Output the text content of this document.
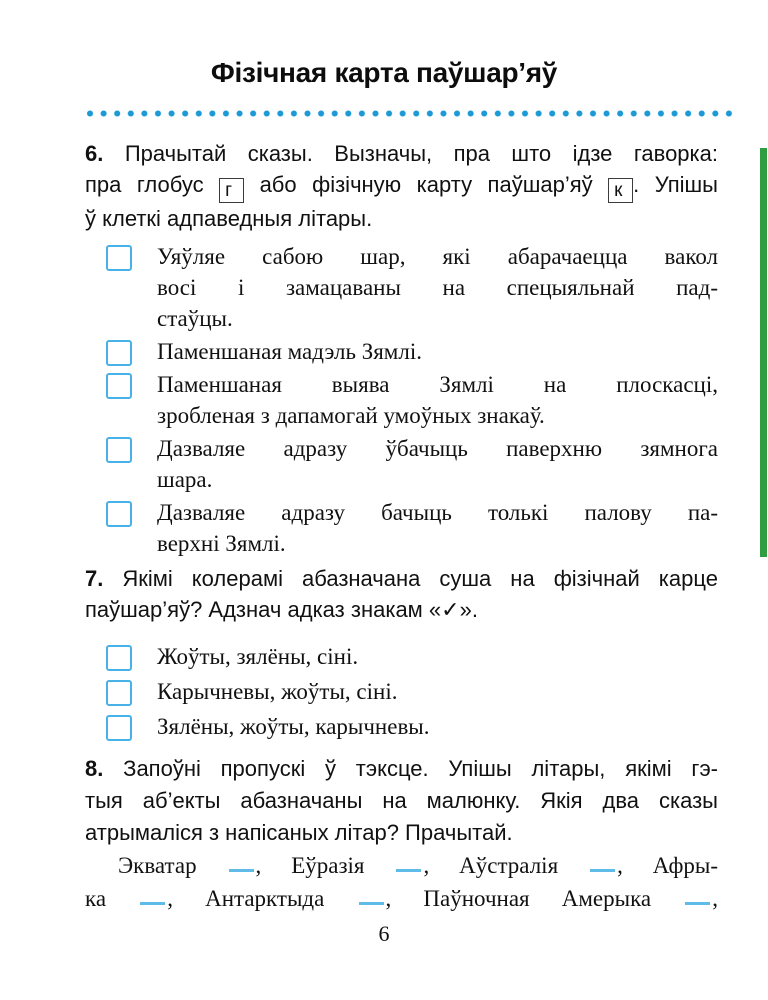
Фізічная карта паўшар’яў
6. Прачытай сказы. Вызначы, пра што ідзе гаворка:
пра глобус г або фізічную карту паўшар’яў к . Упішы
ў клеткі адпаведныя літары.
Уяўляе сабою шар, які абарачаецца вакол
восі і замацаваны на спецыяльнай пад-
стаўцы.
Паменшаная мадэль Зямлі.
Паменшаная выява Зямлі на плоскасці,
зробленая з дапамогай умоўных знакаў.
Дазваляе адразу ўбачыць паверхню зямнога
шара.
Дазваляе адразу бачыць толькі палову па-
верхні Зямлі.
7. Якімі колерамі абазначана суша на фізічнай карце
паўшар’яў? Адзнач адказ знакам «✓».
Жоўты, зялёны, сіні.
Карычневы, жоўты, сіні.
Зялёны, жоўты, карычневы.
8. Запоўні пропускі ў тэксце. Упішы літары, якімі гэ-
тыя аб’екты абазначаны на малюнку. Якія два сказы
атрымаліся з напісаных літар? Прачытай.
Экватар	, Еўразія	, Аўстралія	, Афры-
ка	, Антарктыда	, Паўночная Амерыка	,
6
